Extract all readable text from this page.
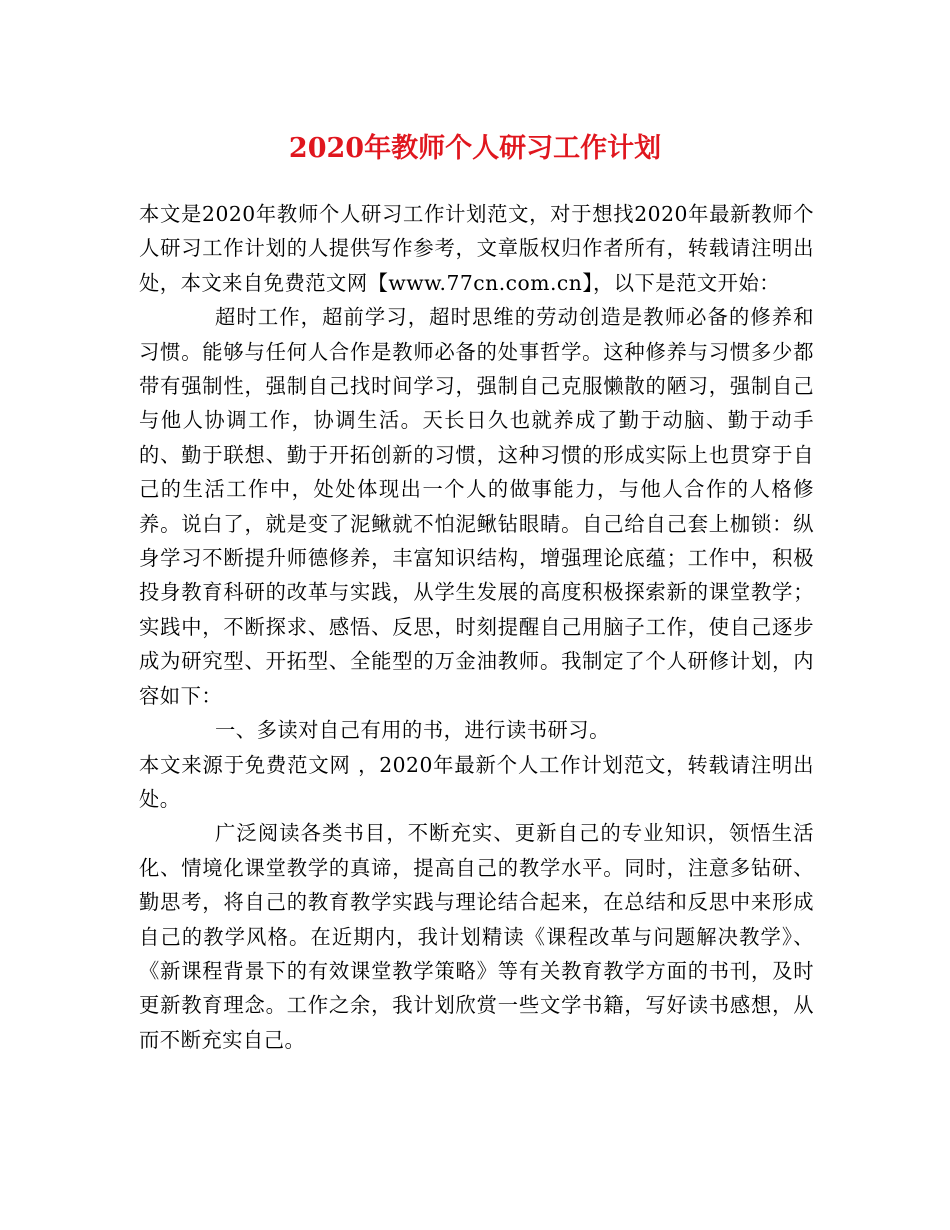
2020年教师个人研习工作计划

本文是2020年教师个人研习工作计划范文，对于想找2020年最新教师个人研习工作计划的人提供写作参考，文章版权归作者所有，转载请注明出处，本文来自免费范文网【www.77cn.com.cn】，以下是范文开始：

超时工作，超前学习，超时思维的劳动创造是教师必备的修养和习惯。能够与任何人合作是教师必备的处事哲学。这种修养与习惯多少都带有强制性，强制自己找时间学习，强制自己克服懒散的陋习，强制自己与他人协调工作，协调生活。天长日久也就养成了勤于动脑、勤于动手的、勤于联想、勤于开拓创新的习惯，这种习惯的形成实际上也贯穿于自己的生活工作中，处处体现出一个人的做事能力，与他人合作的人格修养。说白了，就是变了泥鳅就不怕泥鳅钻眼睛。自己给自己套上枷锁：纵身学习不断提升师德修养，丰富知识结构，增强理论底蕴；工作中，积极投身教育科研的改革与实践，从学生发展的高度积极探索新的课堂教学；实践中，不断探求、感悟、反思，时刻提醒自己用脑子工作，使自己逐步成为研究型、开拓型、全能型的万金油教师。我制定了个人研修计划，内容如下：

一、多读对自己有用的书，进行读书研习。

本文来源于免费范文网 ，2020年最新个人工作计划范文，转载请注明出处。

广泛阅读各类书目，不断充实、更新自己的专业知识，领悟生活化、情境化课堂教学的真谛，提高自己的教学水平。同时，注意多钻研、勤思考，将自己的教育教学实践与理论结合起来，在总结和反思中来形成自己的教学风格。在近期内，我计划精读《课程改革与问题解决教学》、《新课程背景下的有效课堂教学策略》等有关教育教学方面的书刊，及时更新教育理念。工作之余，我计划欣赏一些文学书籍，写好读书感想，从而不断充实自己。
